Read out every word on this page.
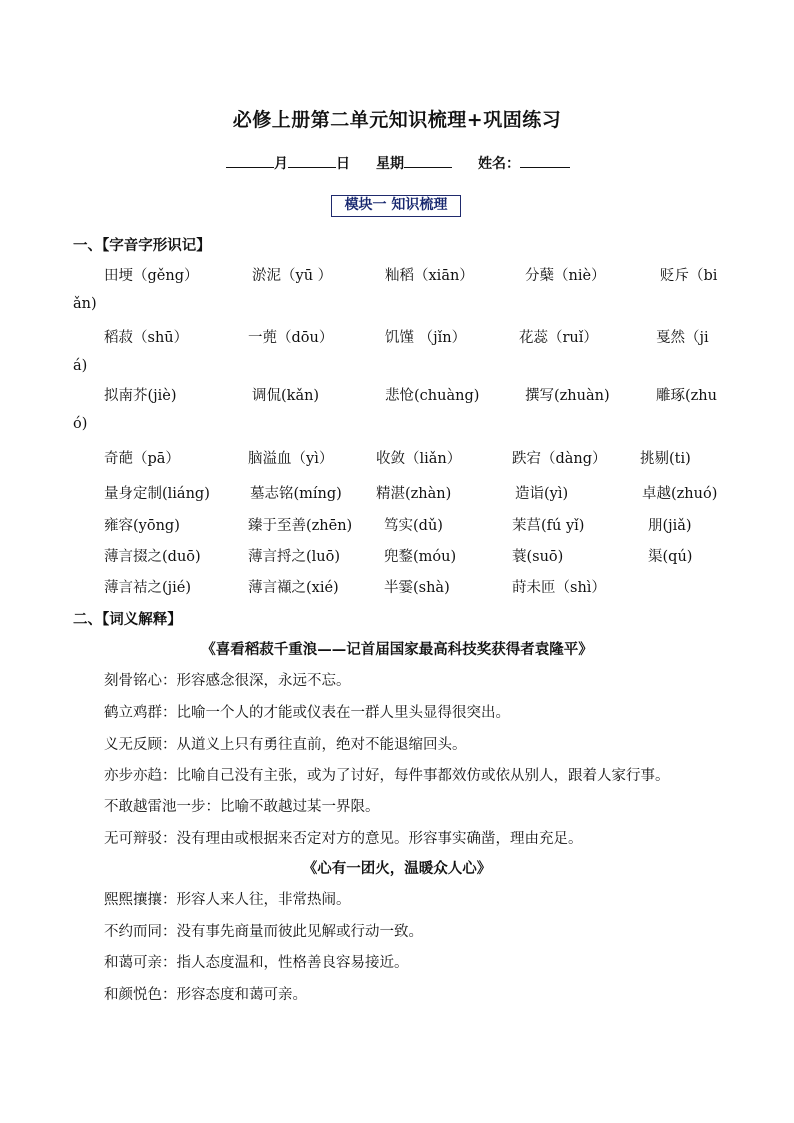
必修上册第二单元知识梳理+巩固练习
月	日 星期	姓名：
模块一 知识梳理
一、【字音字形识记】
田埂（gěng）	淤泥（yū ）	籼稻（xiān）	分蘖（niè）	贬斥（bi
ǎn)
稻菽（shū）	一蔸（dōu）	饥馑 （jǐn）	花蕊（ruǐ）	戛然（ji
á)
拟南芥(jiè)	调侃(kǎn)	悲怆(chuàng)	撰写(zhuàn)	雕琢(zhu
ó)
奇葩（pā）	脑溢血（yì）	收敛（liǎn）	跌宕（dàng） 挑剔(ti)
量身定制(liáng)	墓志铭(míng) 精湛(zhàn)	造诣(yì)	卓越(zhuó)
雍容(yōng)	臻于至善(zhēn) 笃实(dǔ)	茉莒(fú yǐ)	朋(jiǎ)
薄言掇之(duō)	薄言捋之(luō)	兜鍪(móu)	蓑(suō)	渠(qú)
薄言袺之(jié)	薄言襭之(xié)	半霎(shà)	莳未匝（shì）
二、【词义解释】
《喜看稻菽千重浪——记首届国家最高科技奖获得者袁隆平》
刻骨铭心：形容感念很深，永远不忘。
鹤立鸡群：比喻一个人的才能或仪表在一群人里头显得很突出。
义无反顾：从道义上只有勇往直前，绝对不能退缩回头。
亦步亦趋：比喻自己没有主张，或为了讨好，每件事都效仿或依从别人，跟着人家行事。
不敢越雷池一步：比喻不敢越过某一界限。
无可辩驳：没有理由或根据来否定对方的意见。形容事实确凿，理由充足。
《心有一团火，温暖众人心》
熙熙攘攘：形容人来人往，非常热闹。
不约而同：没有事先商量而彼此见解或行动一致。
和蔼可亲：指人态度温和，性格善良容易接近。
和颜悦色：形容态度和蔼可亲。
